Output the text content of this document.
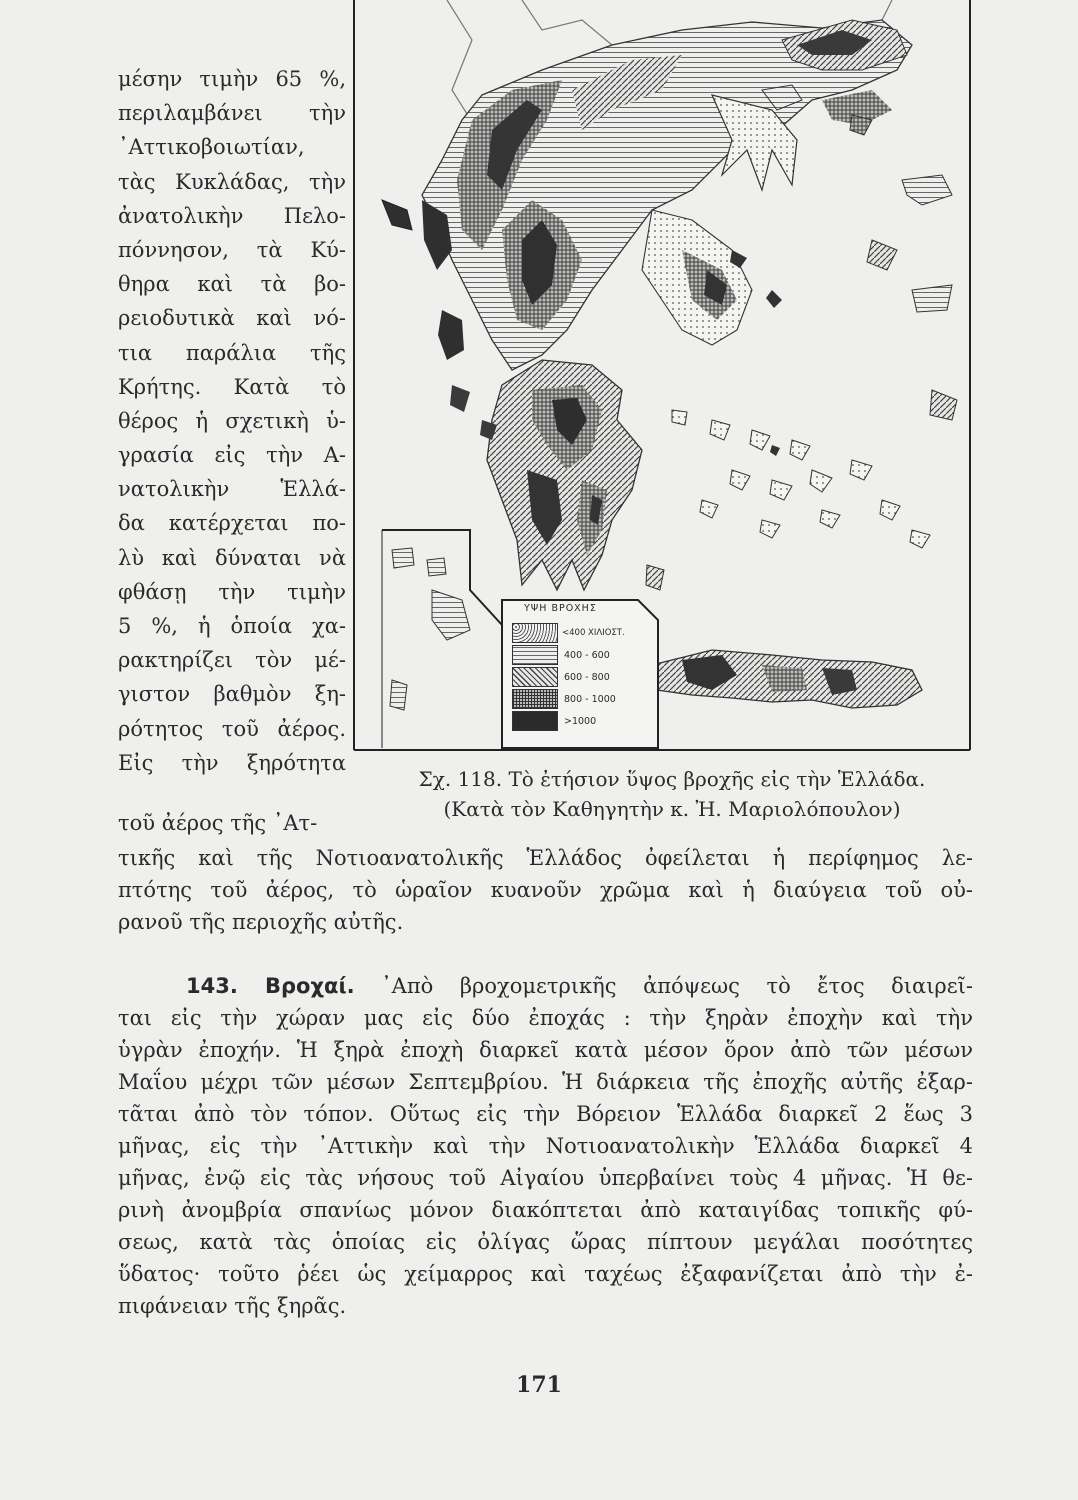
μέσην τιμὴν 65 %,
περιλαμβάνει τὴν
᾿Αττικοβοιωτίαν,
τὰς Κυκλάδας, τὴν
ἀνατολικὴν Πελο-
πόννησον, τὰ Κύ-
θηρα καὶ τὰ βο-
ρειοδυτικὰ καὶ νό-
τια παράλια τῆς
Κρήτης. Κατὰ τὸ
θέρος ἡ σχετικὴ ὑ-
γρασία εἰς τὴν Α-
νατολικὴν Ἑλλά-
δα κατέρχεται πο-
λὺ καὶ δύναται νὰ
φθάσῃ τὴν τιμὴν
5 %, ἡ ὁποία χα-
ρακτηρίζει τὸν μέ-
γιστον βαθμὸν ξη-
ρότητος τοῦ ἀέρος.
Εἰς τὴν ξηρότητα
ΥΨΗ ΒΡΟΧΗΣ
<400 ΧΙΛΙΟΣΤ.
400 - 600
600 - 800
800 - 1000
>1000
Σχ. 118. Τὸ ἐτήσιον ὕψος βροχῆς εἰς τὴν Ἑλλάδα.
(Κατὰ τὸν Καθηγητὴν κ. Ἠ. Μαριολόπουλον)
τοῦ ἀέρος τῆς ᾿Ατ-
τικῆς καὶ τῆς Νοτιοανατολικῆς Ἑλλάδος ὀφείλεται ἡ περίφημος λε-
πτότης τοῦ ἀέρος, τὸ ὡραῖον κυανοῦν χρῶμα καὶ ἡ διαύγεια τοῦ οὐ-
ρανοῦ τῆς περιοχῆς αὐτῆς.
143. Βροχαί. ᾿Απὸ βροχομετρικῆς ἀπόψεως τὸ ἔτος διαιρεῖ-
ται εἰς τὴν χώραν μας εἰς δύο ἐποχάς : τὴν ξηρὰν ἐποχὴν καὶ τὴν
ὑγρὰν ἐποχήν. Ἡ ξηρὰ ἐποχὴ διαρκεῖ κατὰ μέσον ὅρον ἀπὸ τῶν μέσων
Μαΐου μέχρι τῶν μέσων Σεπτεμβρίου. Ἡ διάρκεια τῆς ἐποχῆς αὐτῆς ἐξαρ-
τᾶται ἀπὸ τὸν τόπον. Οὕτως εἰς τὴν Βόρειον Ἑλλάδα διαρκεῖ 2 ἕως 3
μῆνας, εἰς τὴν ᾿Αττικὴν καὶ τὴν Νοτιοανατολικὴν Ἑλλάδα διαρκεῖ 4
μῆνας, ἐνῷ εἰς τὰς νήσους τοῦ Αἰγαίου ὑπερβαίνει τοὺς 4 μῆνας. Ἡ θε-
ρινὴ ἀνομβρία σπανίως μόνον διακόπτεται ἀπὸ καταιγίδας τοπικῆς φύ-
σεως, κατὰ τὰς ὁποίας εἰς ὀλίγας ὥρας πίπτουν μεγάλαι ποσότητες
ὕδατος· τοῦτο ῥέει ὡς χείμαρρος καὶ ταχέως ἐξαφανίζεται ἀπὸ τὴν ἐ-
πιφάνειαν τῆς ξηρᾶς.
171
